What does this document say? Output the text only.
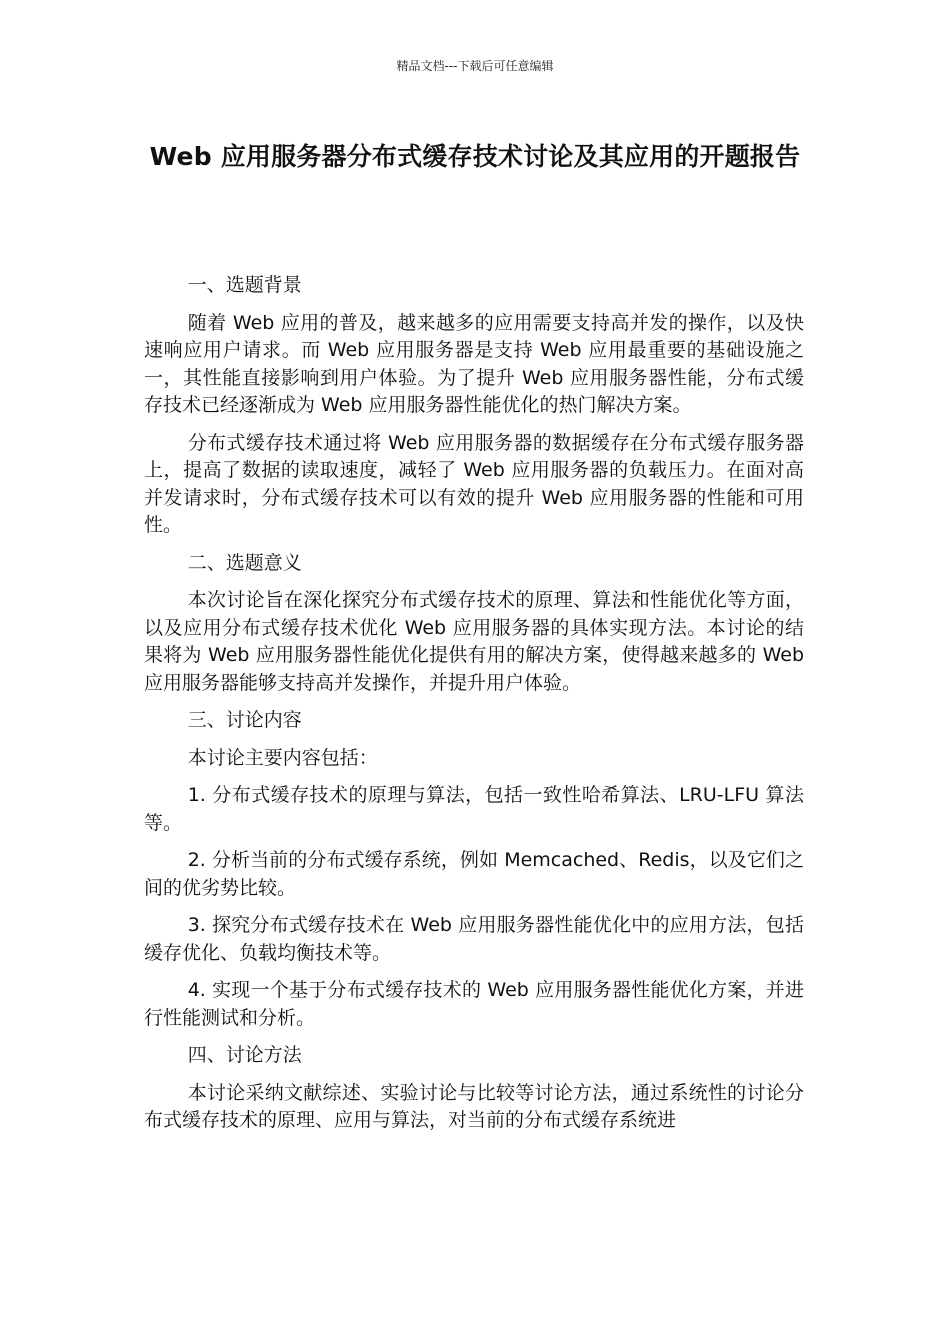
精品文档---下载后可任意编辑
Web 应用服务器分布式缓存技术讨论及其应用的开题报告
一、选题背景

随着 Web 应用的普及，越来越多的应用需要支持高并发的操作，以及快速响应用户请求。而 Web 应用服务器是支持 Web 应用最重要的基础设施之一，其性能直接影响到用户体验。为了提升 Web 应用服务器性能，分布式缓存技术已经逐渐成为 Web 应用服务器性能优化的热门解决方案。

分布式缓存技术通过将 Web 应用服务器的数据缓存在分布式缓存服务器上，提高了数据的读取速度，减轻了 Web 应用服务器的负载压力。在面对高并发请求时，分布式缓存技术可以有效的提升 Web 应用服务器的性能和可用性。

二、选题意义

本次讨论旨在深化探究分布式缓存技术的原理、算法和性能优化等方面，以及应用分布式缓存技术优化 Web 应用服务器的具体实现方法。本讨论的结果将为 Web 应用服务器性能优化提供有用的解决方案，使得越来越多的 Web 应用服务器能够支持高并发操作，并提升用户体验。

三、讨论内容

本讨论主要内容包括：

1. 分布式缓存技术的原理与算法，包括一致性哈希算法、LRU-LFU 算法等。

2. 分析当前的分布式缓存系统，例如 Memcached、Redis，以及它们之间的优劣势比较。

3. 探究分布式缓存技术在 Web 应用服务器性能优化中的应用方法，包括缓存优化、负载均衡技术等。

4. 实现一个基于分布式缓存技术的 Web 应用服务器性能优化方案，并进行性能测试和分析。

四、讨论方法

本讨论采纳文献综述、实验讨论与比较等讨论方法，通过系统性的讨论分布式缓存技术的原理、应用与算法，对当前的分布式缓存系统进
